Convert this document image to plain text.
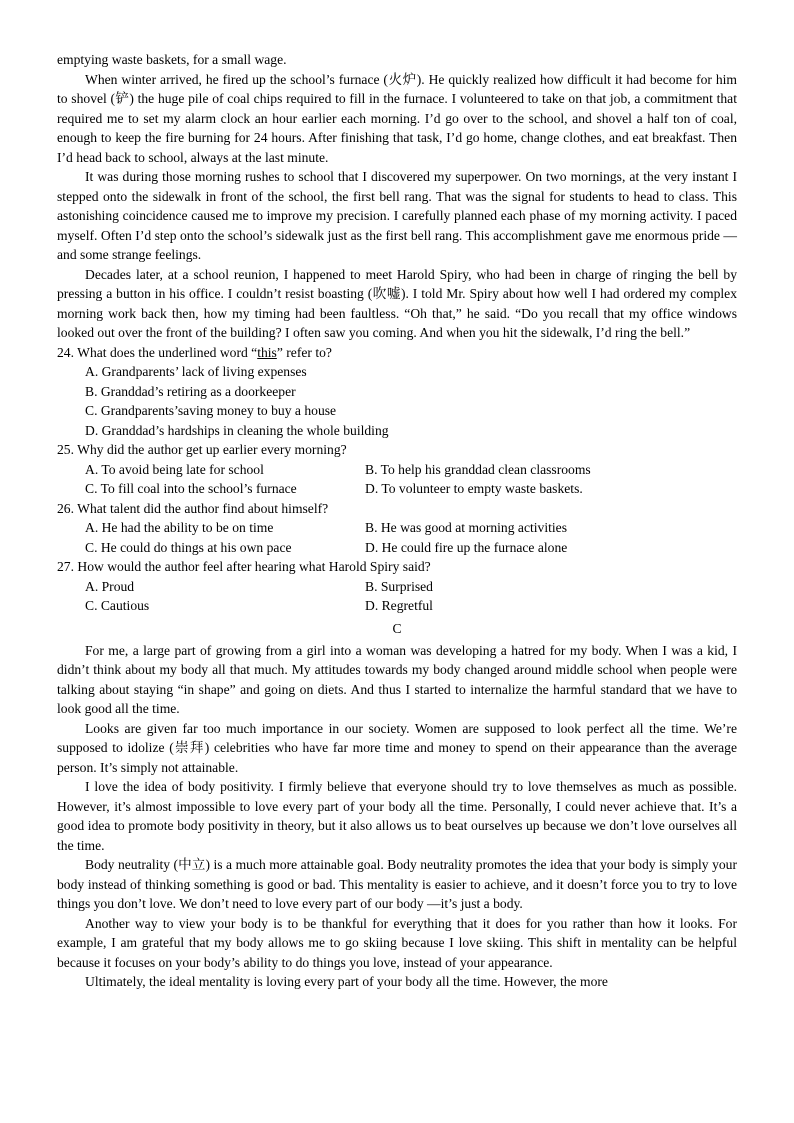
emptying waste baskets, for a small wage.

When winter arrived, he fired up the school’s furnace (火炉). He quickly realized how difficult it had become for him to shovel (铲) the huge pile of coal chips required to fill in the furnace. I volunteered to take on that job, a commitment that required me to set my alarm clock an hour earlier each morning. I’d go over to the school, and shovel a half ton of coal, enough to keep the fire burning for 24 hours. After finishing that task, I’d go home, change clothes, and eat breakfast. Then I’d head back to school, always at the last minute.

It was during those morning rushes to school that I discovered my superpower. On two mornings, at the very instant I stepped onto the sidewalk in front of the school, the first bell rang. That was the signal for students to head to class. This astonishing coincidence caused me to improve my precision. I carefully planned each phase of my morning activity. I paced myself. Often I’d step onto the school’s sidewalk just as the first bell rang. This accomplishment gave me enormous pride — and some strange feelings.

Decades later, at a school reunion, I happened to meet Harold Spiry, who had been in charge of ringing the bell by pressing a button in his office. I couldn’t resist boasting (吹嘘). I told Mr. Spiry about how well I had ordered my complex morning work back then, how my timing had been faultless. “Oh that,” he said. “Do you recall that my office windows looked out over the front of the building? I often saw you coming. And when you hit the sidewalk, I’d ring the bell.”

24. What does the underlined word “this” refer to?

A. Grandparents’ lack of living expenses
B. Granddad’s retiring as a doorkeeper
C. Grandparents’saving money to buy a house
D. Granddad’s hardships in cleaning the whole building

25. Why did the author get up earlier every morning?

A. To avoid being late for school	B. To help his granddad clean classrooms
C. To fill coal into the school’s furnace	D. To volunteer to empty waste baskets.

26. What talent did the author find about himself?

A. He had the ability to be on time	B. He was good at morning activities
C. He could do things at his own pace	D. He could fire up the furnace alone

27. How would the author feel after hearing what Harold Spiry said?

A. Proud	B. Surprised
C. Cautious	D. Regretful
C

For me, a large part of growing from a girl into a woman was developing a hatred for my body. When I was a kid, I didn’t think about my body all that much. My attitudes towards my body changed around middle school when people were talking about staying “in shape” and going on diets. And thus I started to internalize the harmful standard that we have to look good all the time.

Looks are given far too much importance in our society. Women are supposed to look perfect all the time. We’re supposed to idolize (崇拜) celebrities who have far more time and money to spend on their appearance than the average person. It’s simply not attainable.

I love the idea of body positivity. I firmly believe that everyone should try to love themselves as much as possible. However, it’s almost impossible to love every part of your body all the time. Personally, I could never achieve that. It’s a good idea to promote body positivity in theory, but it also allows us to beat ourselves up because we don’t love ourselves all the time.

Body neutrality (中立) is a much more attainable goal. Body neutrality promotes the idea that your body is simply your body instead of thinking something is good or bad. This mentality is easier to achieve, and it doesn’t force you to try to love things you don’t love. We don’t need to love every part of our body —it’s just a body.

Another way to view your body is to be thankful for everything that it does for you rather than how it looks. For example, I am grateful that my body allows me to go skiing because I love skiing. This shift in mentality can be helpful because it focuses on your body’s ability to do things you love, instead of your appearance.

Ultimately, the ideal mentality is loving every part of your body all the time. However, the more
